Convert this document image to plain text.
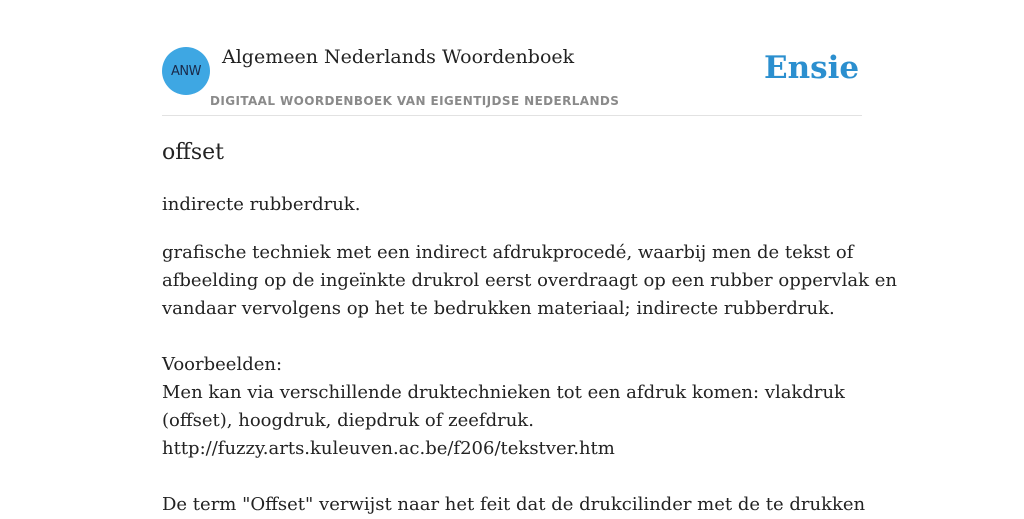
ANW
Algemeen Nederlands Woordenboek
DIGITAAL WOORDENBOEK VAN EIGENTIJDSE NEDERLANDS
Ensie
offset
indirecte rubberdruk.
grafische techniek met een indirect afdrukprocedé, waarbij men de tekst of
afbeelding op de ingeïnkte drukrol eerst overdraagt op een rubber oppervlak en
vandaar vervolgens op het te bedrukken materiaal; indirecte rubberdruk.
Voorbeelden:
Men kan via verschillende druktechnieken tot een afdruk komen: vlakdruk
(offset), hoogdruk, diepdruk of zeefdruk.
http://fuzzy.arts.kuleuven.ac.be/f206/tekstver.htm
De term "Offset" verwijst naar het feit dat de drukcilinder met de te drukken
